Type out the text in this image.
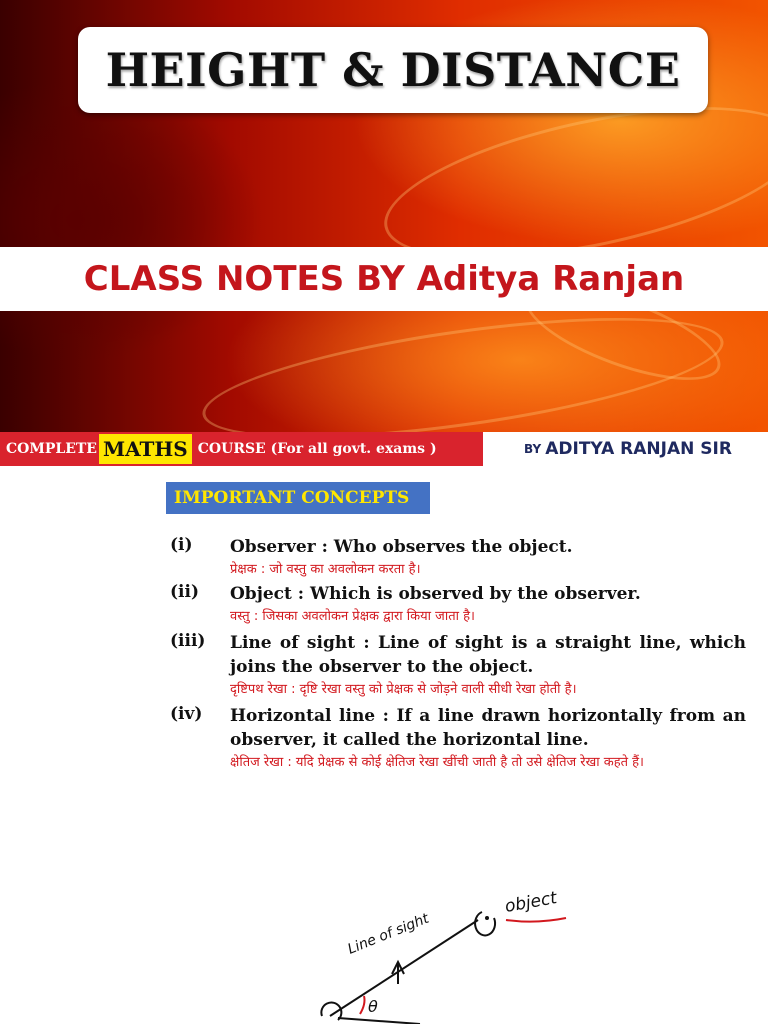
HEIGHT & DISTANCE
CLASS NOTES BY Aditya Ranjan
COMPLETE MATHS COURSE (For all govt. exams )	BY ADITYA RANJAN SIR
IMPORTANT CONCEPTS
(i) Observer : Who observes the object.
प्रेक्षक : जो वस्तु का अवलोकन करता है।
(ii) Object : Which is observed by the observer.
वस्तु : जिसका अवलोकन प्रेक्षक द्वारा किया जाता है।
(iii) Line of sight : Line of sight is a straight line, which joins the observer to the object.
दृष्टिपथ रेखा : दृष्टि रेखा वस्तु को प्रेक्षक से जोड़ने वाली सीधी रेखा होती है।
(iv) Horizontal line : If a line drawn horizontally from an observer, it called the horizontal line.
क्षेतिज रेखा : यदि प्रेक्षक से कोई क्षेतिज रेखा खींची जाती है तो उसे क्षेतिज रेखा कहते हैं।
θ
Line of sight
object
